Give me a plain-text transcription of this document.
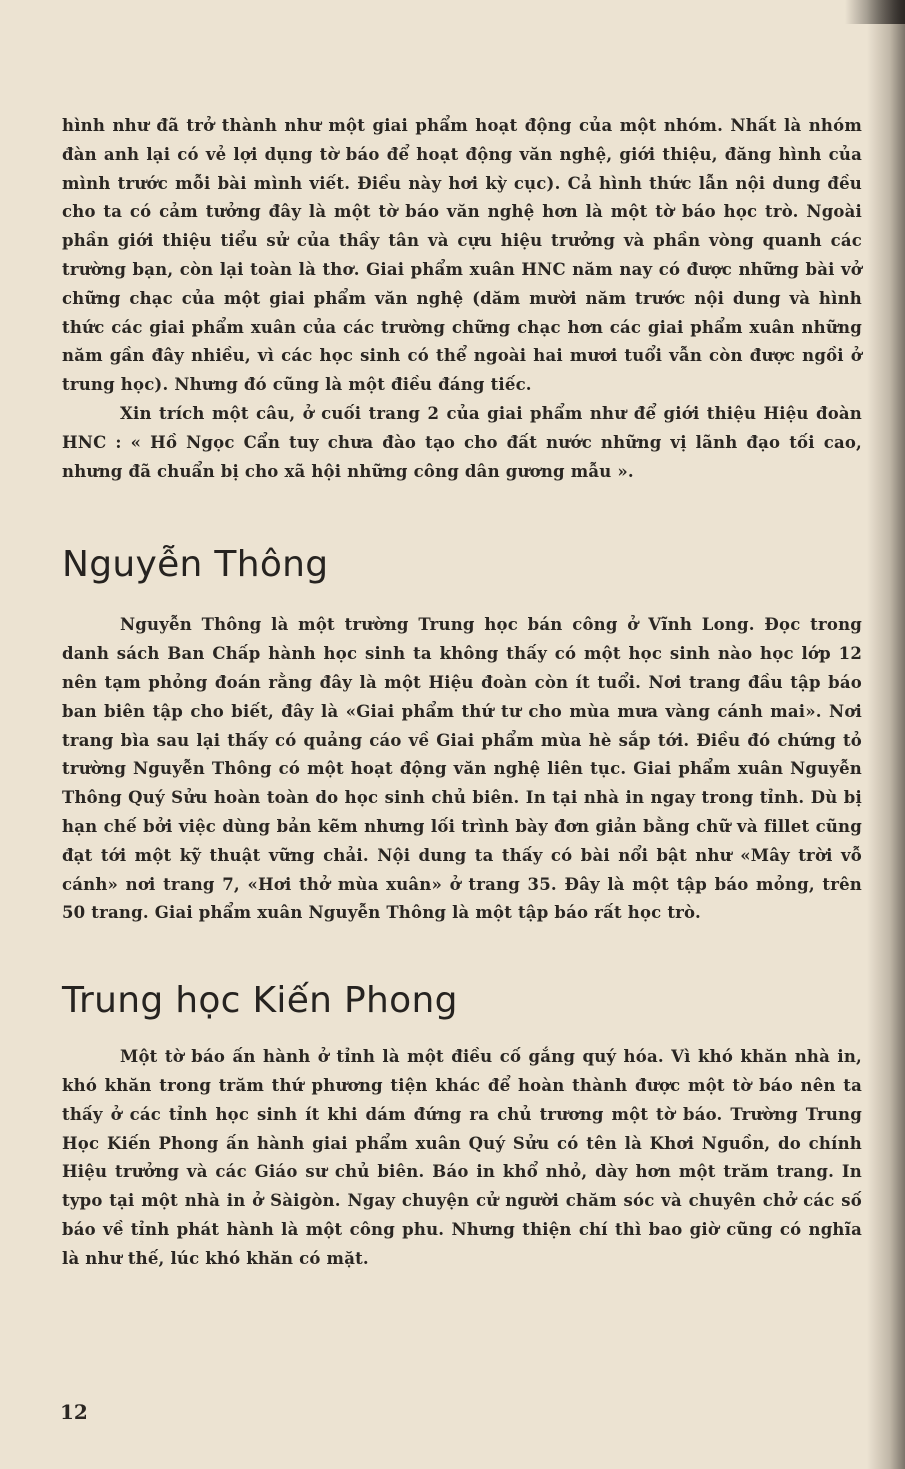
hình như đã trở thành như một giai phẩm hoạt động của một nhóm. Nhất là nhóm đàn anh lại có vẻ lợi dụng tờ báo để hoạt động văn nghệ, giới thiệu, đăng hình của mình trước mỗi bài mình viết. Điều này hơi kỳ cục). Cả hình thức lẫn nội dung đều cho ta có cảm tưởng đây là một tờ báo văn nghệ hơn là một tờ báo học trò. Ngoài phần giới thiệu tiểu sử của thầy tân và cựu hiệu trưởng và phần vòng quanh các trường bạn, còn lại toàn là thơ. Giai phẩm xuân HNC năm nay có được những bài vở chững chạc của một giai phẩm văn nghệ (dăm mười năm trước nội dung và hình thức các giai phẩm xuân của các trường chững chạc hơn các giai phẩm xuân những năm gần đây nhiều, vì các học sinh có thể ngoài hai mươi tuổi vẫn còn được ngồi ở trung học). Nhưng đó cũng là một điều đáng tiếc.

Xin trích một câu, ở cuối trang 2 của giai phẩm như để giới thiệu Hiệu đoàn HNC : « Hồ Ngọc Cẩn tuy chưa đào tạo cho đất nước những vị lãnh đạo tối cao, nhưng đã chuẩn bị cho xã hội những công dân gương mẫu ».

Nguyễn Thông

Nguyễn Thông là một trường Trung học bán công ở Vĩnh Long. Đọc trong danh sách Ban Chấp hành học sinh ta không thấy có một học sinh nào học lớp 12 nên tạm phỏng đoán rằng đây là một Hiệu đoàn còn ít tuổi. Nơi trang đầu tập báo ban biên tập cho biết, đây là «Giai phẩm thứ tư cho mùa mưa vàng cánh mai». Nơi trang bìa sau lại thấy có quảng cáo về Giai phẩm mùa hè sắp tới. Điều đó chứng tỏ trường Nguyễn Thông có một hoạt động văn nghệ liên tục. Giai phẩm xuân Nguyễn Thông Quý Sửu hoàn toàn do học sinh chủ biên. In tại nhà in ngay trong tỉnh. Dù bị hạn chế bởi việc dùng bản kẽm nhưng lối trình bày đơn giản bằng chữ và fillet cũng đạt tới một kỹ thuật vững chải. Nội dung ta thấy có bài nổi bật như «Mây trời vỗ cánh» nơi trang 7, «Hơi thở mùa xuân» ở trang 35. Đây là một tập báo mỏng, trên 50 trang. Giai phẩm xuân Nguyễn Thông là một tập báo rất học trò.

Trung học Kiến Phong

Một tờ báo ấn hành ở tỉnh là một điều cố gắng quý hóa. Vì khó khăn nhà in, khó khăn trong trăm thứ phương tiện khác để hoàn thành được một tờ báo nên ta thấy ở các tỉnh học sinh ít khi dám đứng ra chủ trương một tờ báo. Trường Trung Học Kiến Phong ấn hành giai phẩm xuân Quý Sửu có tên là Khơi Nguồn, do chính Hiệu trưởng và các Giáo sư chủ biên. Báo in khổ nhỏ, dày hơn một trăm trang. In typo tại một nhà in ở Sàigòn. Ngay chuyện cử người chăm sóc và chuyên chở các số báo về tỉnh phát hành là một công phu. Nhưng thiện chí thì bao giờ cũng có nghĩa là như thế, lúc khó khăn có mặt.

12
